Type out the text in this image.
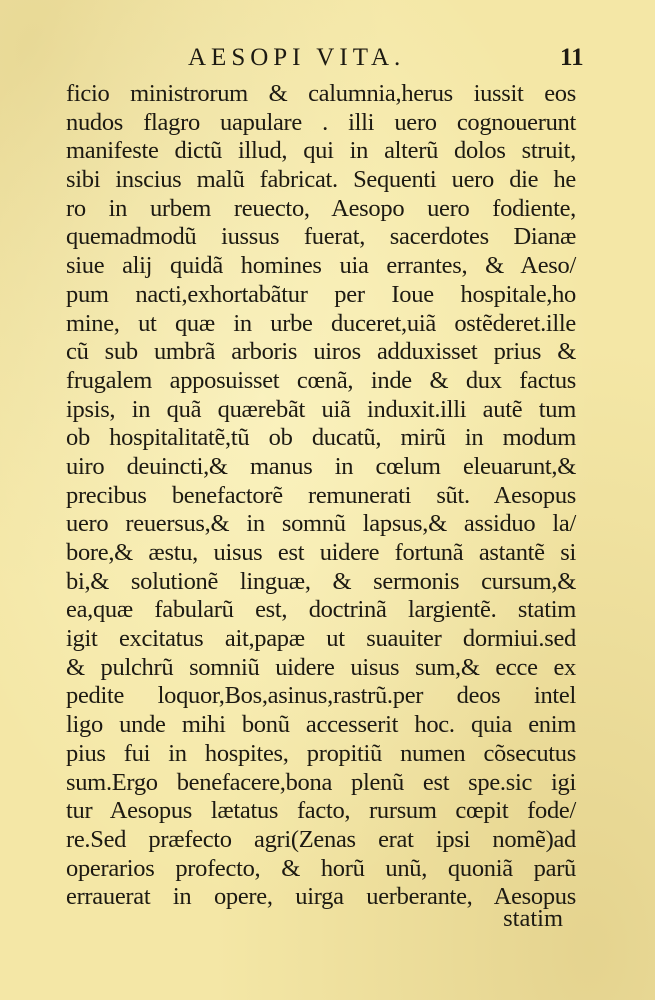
AESOPI VITA.	11
ficio ministrorum & calumnia,herus iussit eos
nudos flagro uapulare . illi uero cognouerunt
manifeste dictũ illud, qui in alterũ dolos struit,
sibi inscius malũ fabricat. Sequenti uero die he
ro in urbem reuecto, Aesopo uero fodiente,
quemadmodũ iussus fuerat, sacerdotes Dianæ
siue alij quidã homines uia errantes, & Aeso/
pum nacti,exhortabãtur per Ioue hospitale,ho
mine, ut quæ in urbe duceret,uiã ostẽderet.ille
cũ sub umbrã arboris uiros adduxisset prius &
frugalem apposuisset cœnã, inde & dux factus
ipsis, in quã quærebãt uiã induxit.illi autẽ tum
ob hospitalitatẽ,tũ ob ducatũ, mirũ in modum
uiro deuincti,& manus in cœlum eleuarunt,&
precibus benefactorẽ remunerati sũt. Aesopus
uero reuersus,& in somnũ lapsus,& assiduo la/
bore,& æstu, uisus est uidere fortunã astantẽ si
bi,& solutionẽ linguæ, & sermonis cursum,&
ea,quæ fabularũ est, doctrinã largientẽ. statim
igit excitatus ait,papæ ut suauiter dormiui.sed
& pulchrũ somniũ uidere uisus sum,& ecce ex
pedite loquor,Bos,asinus,rastrũ.per deos intel
ligo unde mihi bonũ accesserit hoc. quia enim
pius fui in hospites, propitiũ numen cõsecutus
sum.Ergo benefacere,bona plenũ est spe.sic igi
tur Aesopus lætatus facto, rursum cœpit fode/
re.Sed præfecto agri(Zenas erat ipsi nomẽ)ad
operarios profecto, & horũ unũ, quoniã parũ
errauerat in opere, uirga uerberante, Aesopus
statim
